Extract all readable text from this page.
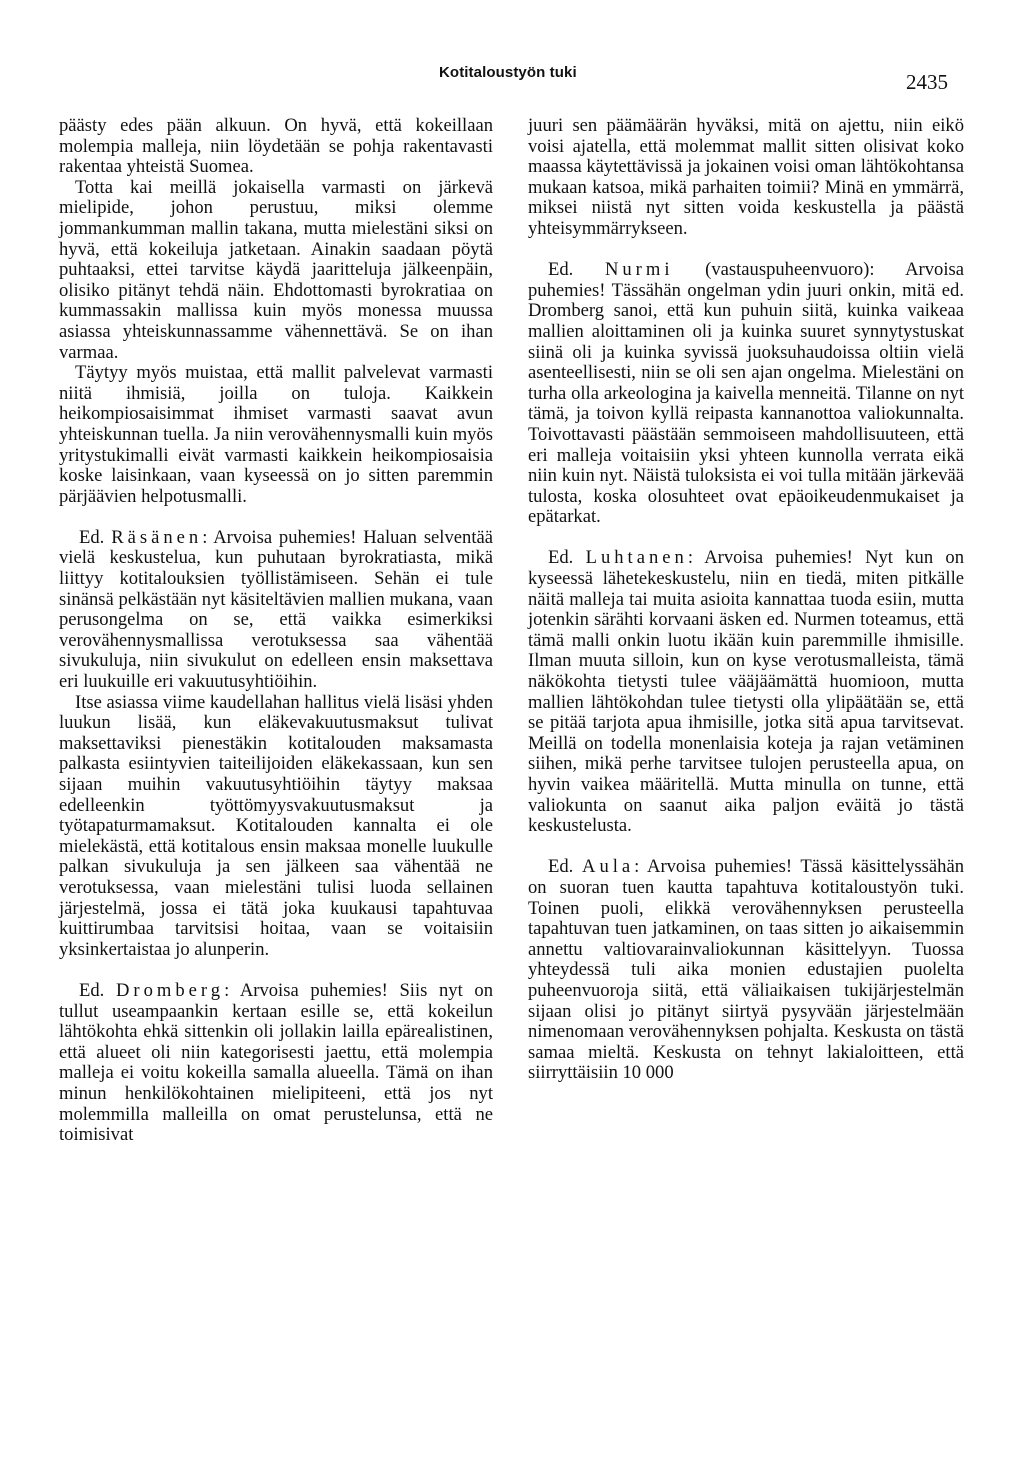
Kotitaloustyön tuki	2435

päästy edes pään alkuun. On hyvä, että kokeillaan molempia malleja, niin löydetään se pohja rakentavasti rakentaa yhteistä Suomea.

Totta kai meillä jokaisella varmasti on järkevä mielipide, johon perustuu, miksi olemme jommankumman mallin takana, mutta mielestäni siksi on hyvä, että kokeiluja jatketaan. Ainakin saadaan pöytä puhtaaksi, ettei tarvitse käydä jaaritteluja jälkeenpäin, olisiko pitänyt tehdä näin. Ehdottomasti byrokratiaa on kummassakin mallissa kuin myös monessa muussa asiassa yhteiskunnassamme vähennettävä. Se on ihan varmaa.

Täytyy myös muistaa, että mallit palvelevat varmasti niitä ihmisiä, joilla on tuloja. Kaikkein heikompiosaisimmat ihmiset varmasti saavat avun yhteiskunnan tuella. Ja niin verovähennysmalli kuin myös yritystukimalli eivät varmasti kaikkein heikompiosaisia koske laisinkaan, vaan kyseessä on jo sitten paremmin pärjäävien helpotusmalli.

Ed. Räsänen: Arvoisa puhemies! Haluan selventää vielä keskustelua, kun puhutaan byrokratiasta, mikä liittyy kotitalouksien työllistämiseen. Sehän ei tule sinänsä pelkästään nyt käsiteltävien mallien mukana, vaan perusongelma on se, että vaikka esimerkiksi verovähennysmallissa verotuksessa saa vähentää sivukuluja, niin sivukulut on edelleen ensin maksettava eri luukuille eri vakuutusyhtiöihin.

Itse asiassa viime kaudellahan hallitus vielä lisäsi yhden luukun lisää, kun eläkevakuutusmaksut tulivat maksettaviksi pienestäkin kotitalouden maksamasta palkasta esiintyvien taiteilijoiden eläkekassaan, kun sen sijaan muihin vakuutusyhtiöihin täytyy maksaa edelleenkin työttömyysvakuutusmaksut ja työtapaturmamaksut. Kotitalouden kannalta ei ole mielekästä, että kotitalous ensin maksaa monelle luukulle palkan sivukuluja ja sen jälkeen saa vähentää ne verotuksessa, vaan mielestäni tulisi luoda sellainen järjestelmä, jossa ei tätä joka kuukausi tapahtuvaa kuittirumbaa tarvitsisi hoitaa, vaan se voitaisiin yksinkertaistaa jo alunperin.

Ed. Dromberg: Arvoisa puhemies! Siis nyt on tullut useampaankin kertaan esille se, että kokeilun lähtökohta ehkä sittenkin oli jollakin lailla epärealistinen, että alueet oli niin kategorisesti jaettu, että molempia malleja ei voitu kokeilla samalla alueella. Tämä on ihan minun henkilökohtainen mielipiteeni, että jos nyt molemmilla malleilla on omat perustelunsa, että ne toimisivat

juuri sen päämäärän hyväksi, mitä on ajettu, niin eikö voisi ajatella, että molemmat mallit sitten olisivat koko maassa käytettävissä ja jokainen voisi oman lähtökohtansa mukaan katsoa, mikä parhaiten toimii? Minä en ymmärrä, miksei niistä nyt sitten voida keskustella ja päästä yhteisymmärrykseen.

Ed. Nurmi (vastauspuheenvuoro): Arvoisa puhemies! Tässähän ongelman ydin juuri onkin, mitä ed. Dromberg sanoi, että kun puhuin siitä, kuinka vaikeaa mallien aloittaminen oli ja kuinka suuret synnytystuskat siinä oli ja kuinka syvissä juoksuhaudoissa oltiin vielä asenteellisesti, niin se oli sen ajan ongelma. Mielestäni on turha olla arkeologina ja kaivella menneitä. Tilanne on nyt tämä, ja toivon kyllä reipasta kannanottoa valiokunnalta. Toivottavasti päästään semmoiseen mahdollisuuteen, että eri malleja voitaisiin yksi yhteen kunnolla verrata eikä niin kuin nyt. Näistä tuloksista ei voi tulla mitään järkevää tulosta, koska olosuhteet ovat epäoikeudenmukaiset ja epätarkat.

Ed. Luhtanen: Arvoisa puhemies! Nyt kun on kyseessä lähetekeskustelu, niin en tiedä, miten pitkälle näitä malleja tai muita asioita kannattaa tuoda esiin, mutta jotenkin särähti korvaani äsken ed. Nurmen toteamus, että tämä malli onkin luotu ikään kuin paremmille ihmisille. Ilman muuta silloin, kun on kyse verotusmalleista, tämä näkökohta tietysti tulee vääjäämättä huomioon, mutta mallien lähtökohdan tulee tietysti olla ylipäätään se, että se pitää tarjota apua ihmisille, jotka sitä apua tarvitsevat. Meillä on todella monenlaisia koteja ja rajan vetäminen siihen, mikä perhe tarvitsee tulojen perusteella apua, on hyvin vaikea määritellä. Mutta minulla on tunne, että valiokunta on saanut aika paljon eväitä jo tästä keskustelusta.

Ed. Aula: Arvoisa puhemies! Tässä käsittelyssähän on suoran tuen kautta tapahtuva kotitaloustyön tuki. Toinen puoli, elikkä verovähennyksen perusteella tapahtuvan tuen jatkaminen, on taas sitten jo aikaisemmin annettu valtiovarainvaliokunnan käsittelyyn. Tuossa yhteydessä tuli aika monien edustajien puolelta puheenvuoroja siitä, että väliaikaisen tukijärjestelmän sijaan olisi jo pitänyt siirtyä pysyvään järjestelmään nimenomaan verovähennyksen pohjalta. Keskusta on tästä samaa mieltä. Keskusta on tehnyt lakialoitteen, että siirryttäisiin 10 000
